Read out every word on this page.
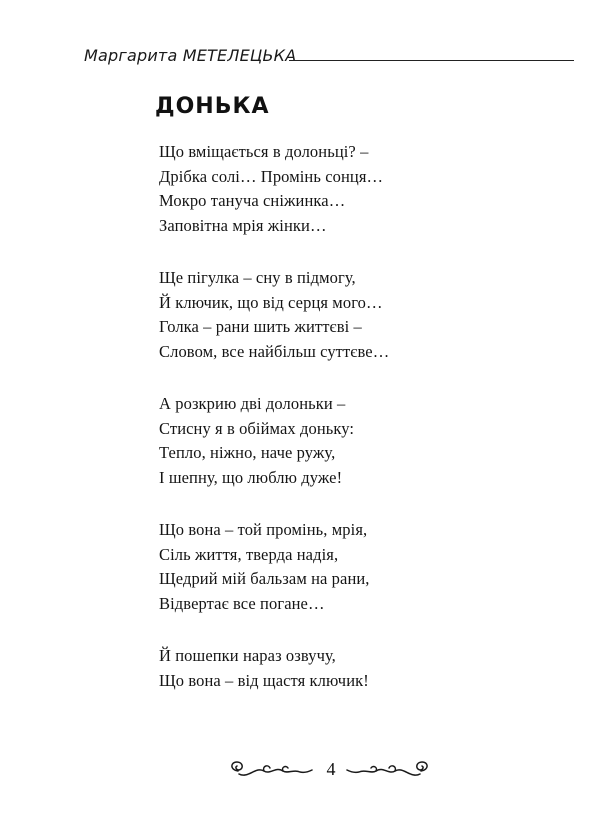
Маргарита МЕТЕЛЕЦЬКА
ДОНЬКА
Що вміщається в долоньці? –
Дрібка солі… Промінь сонця…
Мокро тануча сніжинка…
Заповітна мрія жінки…
Ще пігулка – сну в підмогу,
Й ключик, що від серця мого…
Голка – рани шить життєві –
Словом, все найбільш суттєве…
А розкрию дві долоньки –
Стисну я в обіймах доньку:
Тепло, ніжно, наче ружу,
І шепну, що люблю дуже!
Що вона – той промінь, мрія,
Сіль життя, тверда надія,
Щедрий мій бальзам на рани,
Відвертає все погане…
Й пошепки нараз озвучу,
Що вона – від щастя ключик!
4
